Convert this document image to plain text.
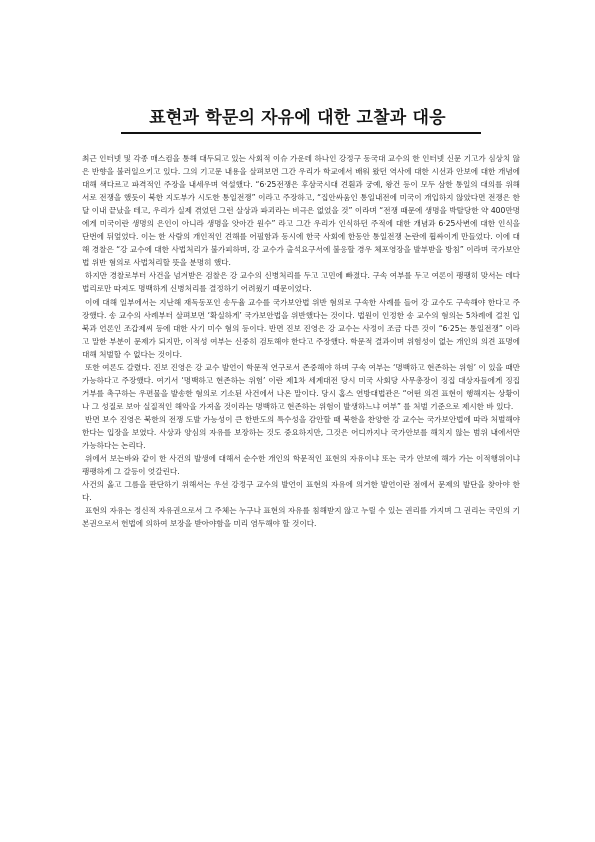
표현과 학문의 자유에 대한 고찰과 대응

최근 인터넷 및 각종 매스컴을 통해 대두되고 있는 사회적 이슈 가운데 하나인 강정구 동국대 교수의 한 인터넷 신문 기고가 심상치 않은 반향을 불러일으키고 있다. 그의 기고문 내용을 살펴보면 그간 우리가 학교에서 배워 왔던 역사에 대한 시선과 안보에 대한 개념에 대해 색다르고 파격적인 주장을 내세우며 역설했다. “6·25전쟁은 후삼국시대 견훤과 궁예, 왕건 등이 모두 삼한 통일의 대의를 위해 서로 전쟁을 했듯이 북한 지도부가 시도한 통일전쟁” 이라고 주장하고, “집안싸움인 통일내전에 미국이 개입하지 않았다면 전쟁은 한 달 이내 끝났을 테고, 우리가 실제 겪었던 그런 살상과 파괴라는 비극은 없었을 것” 이라며 “전쟁 때문에 생명을 박탈당한 약 400만명에게 미국이란 생명의 은인이 아니라 생명을 앗아간 원수” 라고 그간 우리가 인식하던 주적에 대한 개념과 6·25사변에 대한 인식을 단번에 뒤엎었다. 이는 한 사람의 개인적인 견해를 어필함과 동시에 한국 사회에 한동안 통일전쟁 논란에 휩싸이게 만들었다. 이에 대해 경찰은 “강 교수에 대한 사법처리가 불가피하며, 강 교수가 출석요구서에 불응할 경우 체포영장을 발부받을 방침” 이라며 국가보안법 위반 혐의로 사법처리할 뜻을 분명히 했다.

하지만 경찰로부터 사건을 넘겨받은 검찰은 강 교수의 신병처리를 두고 고민에 빠졌다. 구속 여부를 두고 여론이 팽팽히 맞서는 데다 법리로만 따져도 명백하게 신병처리를 결정하기 어려웠기 때문이었다.

이에 대해 일부에서는 지난해 재독동포인 송두율 교수를 국가보안법 위반 혐의로 구속한 사례를 들어 강 교수도 구속해야 한다고 주장했다. 송 교수의 사례부터 살펴보면 ‘확실하게’ 국가보안법을 위반했다는 것이다. 법원이 인정한 송 교수의 혐의는 5차례에 걸친 입북과 언론인 조갑제씨 등에 대한 사기 미수 혐의 등이다. 반면 진보 진영은 강 교수는 사정이 조금 다른 것이 “6·25는 통일전쟁” 이라고 말한 부분이 문제가 되지만, 이적성 여부는 신중히 검토해야 한다고 주장했다. 학문적 결과이며 위험성이 없는 개인의 의견 표명에 대해 처벌할 수 없다는 것이다.

또한 여론도 갈렸다. 진보 진영은 강 교수 발언이 학문적 연구로서 존중해야 하며 구속 여부는 ‘명백하고 현존하는 위험’ 이 있을 때만 가능하다고 주장했다. 여기서 ‘명백하고 현존하는 위험’ 이란 제1차 세계대전 당시 미국 사회당 사무총장이 징집 대상자들에게 징집 거부를 촉구하는 우편물을 발송한 혐의로 기소된 사건에서 나온 말이다. 당시 홈스 연방대법관은 “어떤 의견 표현이 행해지는 상황이나 그 성질로 보아 실질적인 해악을 가져올 것이라는 명백하고 현존하는 위험이 발생하느냐 여부” 를 처벌 기준으로 제시한 바 있다.

반면 보수 진영은 북한의 전쟁 도발 가능성이 큰 한반도의 특수성을 감안할 때 북한을 찬양한 강 교수는 국가보안법에 따라 처벌해야 한다는 입장을 보였다. 사상과 양심의 자유를 보장하는 것도 중요하지만, 그것은 어디까지나 국가안보를 해치지 않는 범위 내에서만 가능하다는 논리다.

위에서 보는바와 같이 한 사건의 발생에 대해서 순수한 개인의 학문적인 표현의 자유이냐 또는 국가 안보에 해가 가는 이적행위이냐 팽팽하게 그 갈등이 엇갈린다.

사건의 옳고 그름을 판단하기 위해서는 우선 강정구 교수의 발언이 표현의 자유에 의거한 발언이란 점에서 문제의 발단을 찾아야 한다.

표현의 자유는 정신적 자유권으로서 그 주체는 누구나 표현의 자유를 침해받지 않고 누릴 수 있는 권리를 가지며 그 권리는 국민의 기본권으로서 헌법에 의하여 보장을 받아야함을 미리 염두해야 할 것이다.
